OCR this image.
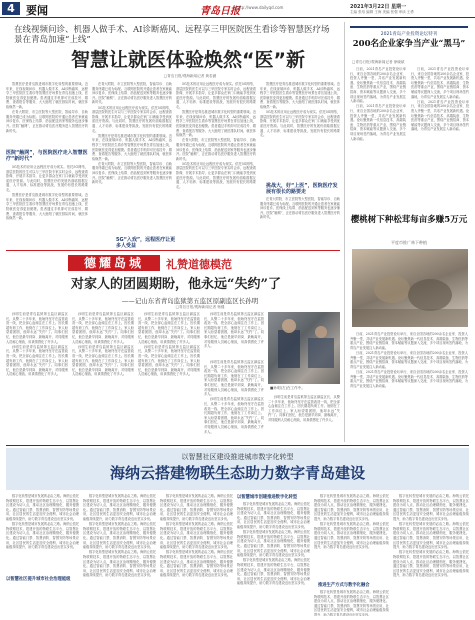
4	要闻	青岛日报
http://www.dailyqd.com	2021年3月22日 星期一
主编 张培 编辑 王海 美编 张强 审读 王勇
在线视频问诊、机器人做手术、AI诊断癌风、远程享三甲医院医生看诊等智慧医疗场景在青岛加速“上线”
智慧让就医体验焕然“医”新
□青岛日报/观海新闻记者 黄若涵

智慧医疗是青岛推进城市数字化转型的重要领域。近年来，在线视频问诊、机器人做手术、AI诊断癌风、远程享三甲医院医生看诊等智慧医疗场景在青岛加速上线，医院就医变得更加便捷。患者通过手机即可完成挂号、缴费、查看报告等服务，大大缩短了就医排队时间，就医体验焕然一新。

在青大附院、市立医院等大型医院，智能导诊、自助服务终端已成为标配。互联网医院的开通让患者在家就能问诊复诊，医保线上结算、药品配送到家等服务也逐步铺开。医院“触网”，正在推动青岛医疗服务进入智慧医疗的新时代。

医院“触网”，与医院医疗走入智慧医疗“新时代”

5G技术的应用让远程医疗成为现实。依托5G网络，基层医院的医生可以与三甲医院专家实时会诊，远程查看影像、开展手术指导，让更多群众在家门口就能享受到优质医疗资源。与此同时，智慧医疗的发展仍面临数据互通、人才培养、标准建设等挑战，发展仍有很长的路要走。

智慧医疗是青岛推进城市数字化转型的重要领域。近年来，在线视频问诊、机器人做手术、AI诊断癌风、远程享三甲医院医生看诊等智慧医疗场景在青岛加速上线，医院就医变得更加便捷。患者通过手机即可完成挂号、缴费、查看报告等服务，大大缩短了就医排队时间，就医体验焕然一新。

在青大附院、市立医院等大型医院，智能导诊、自助服务终端已成为标配。互联网医院的开通让患者在家就能问诊复诊，医保线上结算、药品配送到家等服务也逐步铺开。医院“触网”，正在推动青岛医疗服务进入智慧医疗的新时代。

5G技术的应用让远程医疗成为现实。依托5G网络，基层医院的医生可以与三甲医院专家实时会诊，远程查看影像、开展手术指导，让更多群众在家门口就能享受到优质医疗资源。与此同时，智慧医疗的发展仍面临数据互通、人才培养、标准建设等挑战，发展仍有很长的路要走。

智慧医疗是青岛推进城市数字化转型的重要领域。近年来，在线视频问诊、机器人做手术、AI诊断癌风、远程享三甲医院医生看诊等智慧医疗场景在青岛加速上线，医院就医变得更加便捷。患者通过手机即可完成挂号、缴费、查看报告等服务，大大缩短了就医排队时间，就医体验焕然一新。

在青大附院、市立医院等大型医院，智能导诊、自助服务终端已成为标配。互联网医院的开通让患者在家就能问诊复诊，医保线上结算、药品配送到家等服务也逐步铺开。医院“触网”，正在推动青岛医疗服务进入智慧医疗的新时代。

5G“入戏”，远程医疗让更多人受益

5G技术的应用让远程医疗成为现实。依托5G网络，基层医院的医生可以与三甲医院专家实时会诊，远程查看影像、开展手术指导，让更多群众在家门口就能享受到优质医疗资源。与此同时，智慧医疗的发展仍面临数据互通、人才培养、标准建设等挑战，发展仍有很长的路要走。

智慧医疗是青岛推进城市数字化转型的重要领域。近年来，在线视频问诊、机器人做手术、AI诊断癌风、远程享三甲医院医生看诊等智慧医疗场景在青岛加速上线，医院就医变得更加便捷。患者通过手机即可完成挂号、缴费、查看报告等服务，大大缩短了就医排队时间，就医体验焕然一新。

在青大附院、市立医院等大型医院，智能导诊、自助服务终端已成为标配。互联网医院的开通让患者在家就能问诊复诊，医保线上结算、药品配送到家等服务也逐步铺开。医院“触网”，正在推动青岛医疗服务进入智慧医疗的新时代。

5G技术的应用让远程医疗成为现实。依托5G网络，基层医院的医生可以与三甲医院专家实时会诊，远程查看影像、开展手术指导，让更多群众在家门口就能享受到优质医疗资源。与此同时，智慧医疗的发展仍面临数据互通、人才培养、标准建设等挑战，发展仍有很长的路要走。

智慧医疗是青岛推进城市数字化转型的重要领域。近年来，在线视频问诊、机器人做手术、AI诊断癌风、远程享三甲医院医生看诊等智慧医疗场景在青岛加速上线，医院就医变得更加便捷。患者通过手机即可完成挂号、缴费、查看报告等服务，大大缩短了就医排队时间，就医体验焕然一新。

5G技术的应用让远程医疗成为现实。依托5G网络，基层医院的医生可以与三甲医院专家实时会诊，远程查看影像、开展手术指导，让更多群众在家门口就能享受到优质医疗资源。与此同时，智慧医疗的发展仍面临数据互通、人才培养、标准建设等挑战，发展仍有很长的路要走。

挑战大，好“上医”，医院医疗发展有很长的路要走

在青大附院、市立医院等大型医院，智能导诊、自助服务终端已成为标配。互联网医院的开通让患者在家就能问诊复诊，医保线上结算、药品配送到家等服务也逐步铺开。医院“触网”，正在推动青岛医疗服务进入智慧医疗的新时代。

2021青岛产业投资论坛特刊
200名企业家争当产业“黑马”
□青岛日报/观海新闻记者 徐晓斌

日前，2021青岛产业投资论坛举行，来自全国各地的200余名企业家、投资人齐聚一堂，共话产业发展新机遇。论坛聚焦新一代信息技术、高端装备、生物医药等重点产业，围绕产业链招商、资本赋能等议题深入交流，多个项目现场签约落地，为青岛产业发展注入新动能。

日前，2021青岛产业投资论坛举行，来自全国各地的200余名企业家、投资人齐聚一堂，共话产业发展新机遇。论坛聚焦新一代信息技术、高端装备、生物医药等重点产业，围绕产业链招商、资本赋能等议题深入交流，多个项目现场签约落地，为青岛产业发展注入新动能。

日前，2021青岛产业投资论坛举行，来自全国各地的200余名企业家、投资人齐聚一堂，共话产业发展新机遇。论坛聚焦新一代信息技术、高端装备、生物医药等重点产业，围绕产业链招商、资本赋能等议题深入交流，多个项目现场签约落地，为青岛产业发展注入新动能。

日前，2021青岛产业投资论坛举行，来自全国各地的200余名企业家、投资人齐聚一堂，共话产业发展新机遇。论坛聚焦新一代信息技术、高端装备、生物医药等重点产业，围绕产业链招商、资本赋能等议题深入交流，多个项目现场签约落地，为青岛产业发展注入新动能。

樱桃树下种松茸每亩多赚5万元
平度市推广林下种植

日前，2021青岛产业投资论坛举行，来自全国各地的200余名企业家、投资人齐聚一堂，共话产业发展新机遇。论坛聚焦新一代信息技术、高端装备、生物医药等重点产业，围绕产业链招商、资本赋能等议题深入交流，多个项目现场签约落地，为青岛产业发展注入新动能。

日前，2021青岛产业投资论坛举行，来自全国各地的200余名企业家、投资人齐聚一堂，共话产业发展新机遇。论坛聚焦新一代信息技术、高端装备、生物医药等重点产业，围绕产业链招商、资本赋能等议题深入交流，多个项目现场签约落地，为青岛产业发展注入新动能。

日前，2021青岛产业投资论坛举行，来自全国各地的200余名企业家、投资人齐聚一堂，共话产业发展新机遇。论坛聚焦新一代信息技术、高端装备、生物医药等重点产业，围绕产业链招商、资本赋能等议题深入交流，多个项目现场签约落地，为青岛产业发展注入新动能。

德耀岛城	礼赞道德模范
对家人的团圆期盼，他永远“失约”了
——记山东省青岛监狱第五监区原副监区长孙明
□青岛日报/观海新闻记者 杨健

孙明生前是青岛监狱第五监区副监区长，从警二十多年来，他始终坚守在监管改造一线，把全部心血倾注在工作上。因长期超负荷工作，他倒在了工作岗位上。家人盼望着团圆，他却永远“失约”了。同事们回忆，他总是最早到岗、最晚离开，对待服刑人员耐心细致，用真情感化了许多人。

孙明生前是青岛监狱第五监区副监区长，从警二十多年来，他始终坚守在监管改造一线，把全部心血倾注在工作上。因长期超负荷工作，他倒在了工作岗位上。家人盼望着团圆，他却永远“失约”了。同事们回忆，他总是最早到岗、最晚离开，对待服刑人员耐心细致，用真情感化了许多人。

孙明生前是青岛监狱第五监区副监区长，从警二十多年来，他始终坚守在监管改造一线，把全部心血倾注在工作上。因长期超负荷工作，他倒在了工作岗位上。家人盼望着团圆，他却永远“失约”了。同事们回忆，他总是最早到岗、最晚离开，对待服刑人员耐心细致，用真情感化了许多人。

孙明生前是青岛监狱第五监区副监区长，从警二十多年来，他始终坚守在监管改造一线，把全部心血倾注在工作上。因长期超负荷工作，他倒在了工作岗位上。家人盼望着团圆，他却永远“失约”了。同事们回忆，他总是最早到岗、最晚离开，对待服刑人员耐心细致，用真情感化了许多人。

孙明生前是青岛监狱第五监区副监区长，从警二十多年来，他始终坚守在监管改造一线，把全部心血倾注在工作上。因长期超负荷工作，他倒在了工作岗位上。家人盼望着团圆，他却永远“失约”了。同事们回忆，他总是最早到岗、最晚离开，对待服刑人员耐心细致，用真情感化了许多人。

孙明生前是青岛监狱第五监区副监区长，从警二十多年来，他始终坚守在监管改造一线，把全部心血倾注在工作上。因长期超负荷工作，他倒在了工作岗位上。家人盼望着团圆，他却永远“失约”了。同事们回忆，他总是最早到岗、最晚离开，对待服刑人员耐心细致，用真情感化了许多人。

孙明生前是青岛监狱第五监区副监区长，从警二十多年来，他始终坚守在监管改造一线，把全部心血倾注在工作上。因长期超负荷工作，他倒在了工作岗位上。家人盼望着团圆，他却永远“失约”了。同事们回忆，他总是最早到岗、最晚离开，对待服刑人员耐心细致，用真情感化了许多人。

■孙明(左)在工作中。

孙明生前是青岛监狱第五监区副监区长，从警二十多年来，他始终坚守在监管改造一线，把全部心血倾注在工作上。因长期超负荷工作，他倒在了工作岗位上。家人盼望着团圆，他却永远“失约”了。同事们回忆，他总是最早到岗、最晚离开，对待服刑人员耐心细致，用真情感化了许多人。

孙明生前是青岛监狱第五监区副监区长，从警二十多年来，他始终坚守在监管改造一线，把全部心血倾注在工作上。因长期超负荷工作，他倒在了工作岗位上。家人盼望着团圆，他却永远“失约”了。同事们回忆，他总是最早到岗、最晚离开，对待服刑人员耐心细致，用真情感化了许多人。

孙明生前是青岛监狱第五监区副监区长，从警二十多年来，他始终坚守在监管改造一线，把全部心血倾注在工作上。因长期超负荷工作，他倒在了工作岗位上。家人盼望着团圆，他却永远“失约”了。同事们回忆，他总是最早到岗、最晚离开，对待服刑人员耐心细致，用真情感化了许多人。

以智慧社区建设推进城市数字化转型
海纳云搭建物联生态助力数字青岛建设

数字化转型是城市发展的必由之路。海纳云依托物联网技术，搭建开放的物联生态平台，以智慧社区建设为切入点，推动社区治理精细化、服务便捷化。通过智能门禁、智慧消防、智慧安防等场景应用，社区居民的生活更加安全便利，城市社会治理能级持续提升，助力数字青岛建设迈出坚实步伐。

数字化转型是城市发展的必由之路。海纳云依托物联网技术，搭建开放的物联生态平台，以智慧社区建设为切入点，推动社区治理精细化、服务便捷化。通过智能门禁、智慧消防、智慧安防等场景应用，社区居民的生活更加安全便利，城市社会治理能级持续提升，助力数字青岛建设迈出坚实步伐。

以智慧社区提升城市社会治理能级

数字化转型是城市发展的必由之路。海纳云依托物联网技术，搭建开放的物联生态平台，以智慧社区建设为切入点，推动社区治理精细化、服务便捷化。通过智能门禁、智慧消防、智慧安防等场景应用，社区居民的生活更加安全便利，城市社会治理能级持续提升，助力数字青岛建设迈出坚实步伐。

数字化转型是城市发展的必由之路。海纳云依托物联网技术，搭建开放的物联生态平台，以智慧社区建设为切入点，推动社区治理精细化、服务便捷化。通过智能门禁、智慧消防、智慧安防等场景应用，社区居民的生活更加安全便利，城市社会治理能级持续提升，助力数字青岛建设迈出坚实步伐。

数字化转型是城市发展的必由之路。海纳云依托物联网技术，搭建开放的物联生态平台，以智慧社区建设为切入点，推动社区治理精细化、服务便捷化。通过智能门禁、智慧消防、智慧安防等场景应用，社区居民的生活更加安全便利，城市社会治理能级持续提升，助力数字青岛建设迈出坚实步伐。

数字化转型是城市发展的必由之路。海纳云依托物联网技术，搭建开放的物联生态平台，以智慧社区建设为切入点，推动社区治理精细化、服务便捷化。通过智能门禁、智慧消防、智慧安防等场景应用，社区居民的生活更加安全便利，城市社会治理能级持续提升，助力数字青岛建设迈出坚实步伐。

数字化转型是城市发展的必由之路。海纳云依托物联网技术，搭建开放的物联生态平台，以智慧社区建设为切入点，推动社区治理精细化、服务便捷化。通过智能门禁、智慧消防、智慧安防等场景应用，社区居民的生活更加安全便利，城市社会治理能级持续提升，助力数字青岛建设迈出坚实步伐。

数字化转型是城市发展的必由之路。海纳云依托物联网技术，搭建开放的物联生态平台，以智慧社区建设为切入点，推动社区治理精细化、服务便捷化。通过智能门禁、智慧消防、智慧安防等场景应用，社区居民的生活更加安全便利，城市社会治理能级持续提升，助力数字青岛建设迈出坚实步伐。

以智慧城市创建推进数字化转型

数字化转型是城市发展的必由之路。海纳云依托物联网技术，搭建开放的物联生态平台，以智慧社区建设为切入点，推动社区治理精细化、服务便捷化。通过智能门禁、智慧消防、智慧安防等场景应用，社区居民的生活更加安全便利，城市社会治理能级持续提升，助力数字青岛建设迈出坚实步伐。

数字化转型是城市发展的必由之路。海纳云依托物联网技术，搭建开放的物联生态平台，以智慧社区建设为切入点，推动社区治理精细化、服务便捷化。通过智能门禁、智慧消防、智慧安防等场景应用，社区居民的生活更加安全便利，城市社会治理能级持续提升，助力数字青岛建设迈出坚实步伐。

数字化转型是城市发展的必由之路。海纳云依托物联网技术，搭建开放的物联生态平台，以智慧社区建设为切入点，推动社区治理精细化、服务便捷化。通过智能门禁、智慧消防、智慧安防等场景应用，社区居民的生活更加安全便利，城市社会治理能级持续提升，助力数字青岛建设迈出坚实步伐。

数字化转型是城市发展的必由之路。海纳云依托物联网技术，搭建开放的物联生态平台，以智慧社区建设为切入点，推动社区治理精细化、服务便捷化。通过智能门禁、智慧消防、智慧安防等场景应用，社区居民的生活更加安全便利，城市社会治理能级持续提升，助力数字青岛建设迈出坚实步伐。

数字化转型是城市发展的必由之路。海纳云依托物联网技术，搭建开放的物联生态平台，以智慧社区建设为切入点，推动社区治理精细化、服务便捷化。通过智能门禁、智慧消防、智慧安防等场景应用，社区居民的生活更加安全便利，城市社会治理能级持续提升，助力数字青岛建设迈出坚实步伐。

推进生产方式与数字化融合

数字化转型是城市发展的必由之路。海纳云依托物联网技术，搭建开放的物联生态平台，以智慧社区建设为切入点，推动社区治理精细化、服务便捷化。通过智能门禁、智慧消防、智慧安防等场景应用，社区居民的生活更加安全便利，城市社会治理能级持续提升，助力数字青岛建设迈出坚实步伐。

数字化转型是城市发展的必由之路。海纳云依托物联网技术，搭建开放的物联生态平台，以智慧社区建设为切入点，推动社区治理精细化、服务便捷化。通过智能门禁、智慧消防、智慧安防等场景应用，社区居民的生活更加安全便利，城市社会治理能级持续提升，助力数字青岛建设迈出坚实步伐。

数字化转型是城市发展的必由之路。海纳云依托物联网技术，搭建开放的物联生态平台，以智慧社区建设为切入点，推动社区治理精细化、服务便捷化。通过智能门禁、智慧消防、智慧安防等场景应用，社区居民的生活更加安全便利，城市社会治理能级持续提升，助力数字青岛建设迈出坚实步伐。

数字化转型是城市发展的必由之路。海纳云依托物联网技术，搭建开放的物联生态平台，以智慧社区建设为切入点，推动社区治理精细化、服务便捷化。通过智能门禁、智慧消防、智慧安防等场景应用，社区居民的生活更加安全便利，城市社会治理能级持续提升，助力数字青岛建设迈出坚实步伐。
